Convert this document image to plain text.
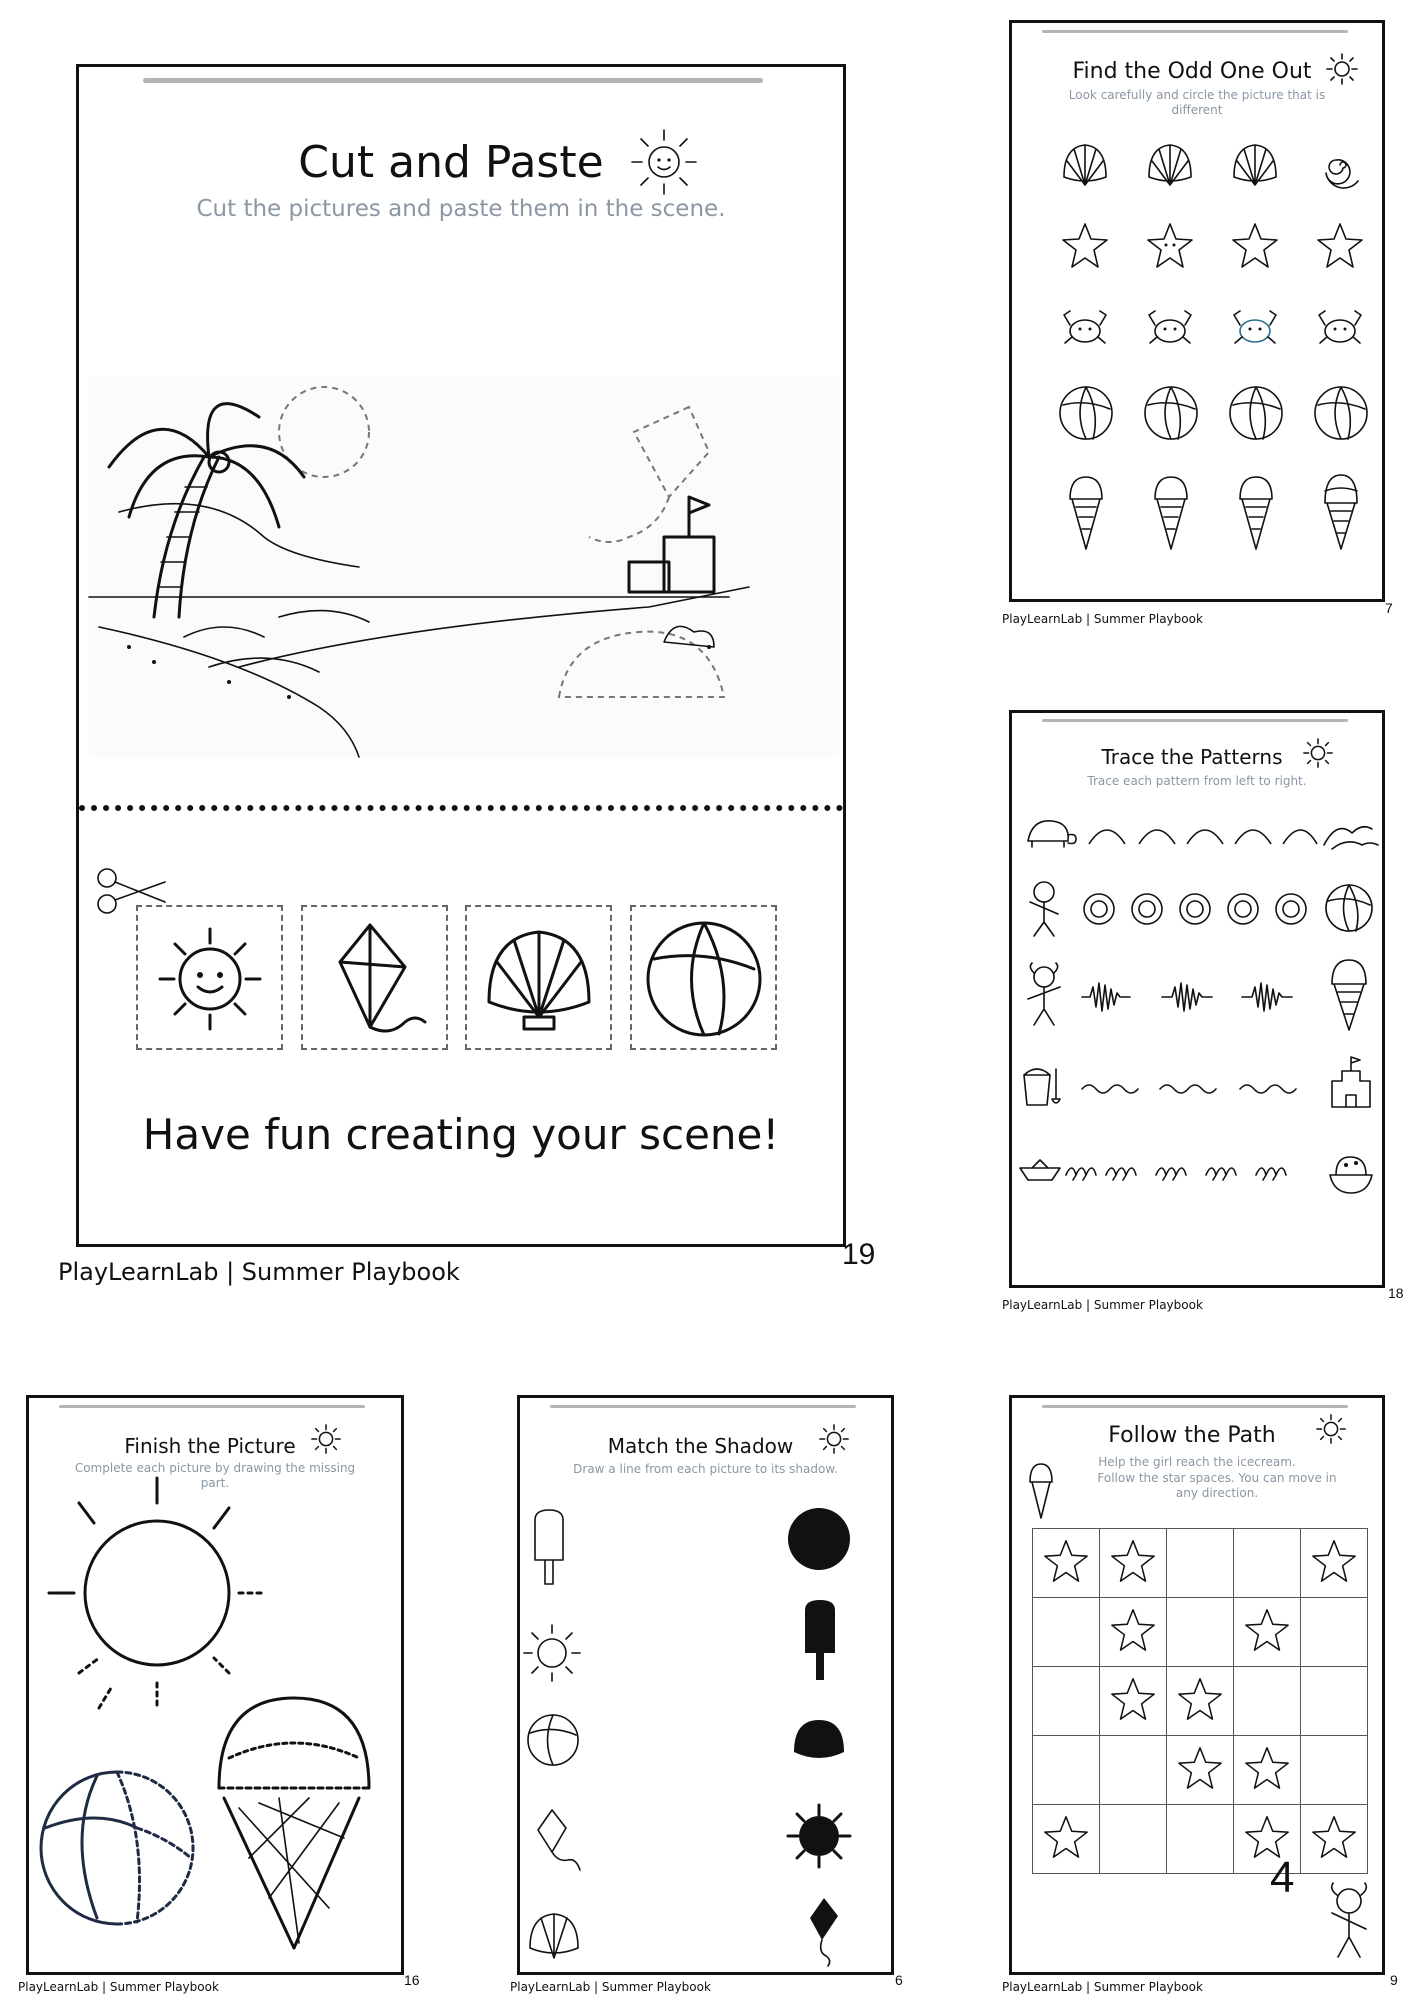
Cut and Paste
Cut the pictures and paste them in the scene.
Have fun creating your scene!
PlayLearnLab | Summer Playbook
19
Find the Odd One Out
Look carefully and circle the picture that is different
PlayLearnLab | Summer Playbook
7
Trace the Patterns
Trace each pattern from left to right.
PlayLearnLab | Summer Playbook
18
Finish the Picture
Complete each picture by drawing the missing part.
PlayLearnLab | Summer Playbook	16
Match the Shadow
Draw a line from each picture to its shadow.
PlayLearnLab | Summer Playbook	6
Follow the Path
Help the girl reach the icecream.
Follow the star spaces. You can move in any direction.

4
PlayLearnLab | Summer Playbook	9
